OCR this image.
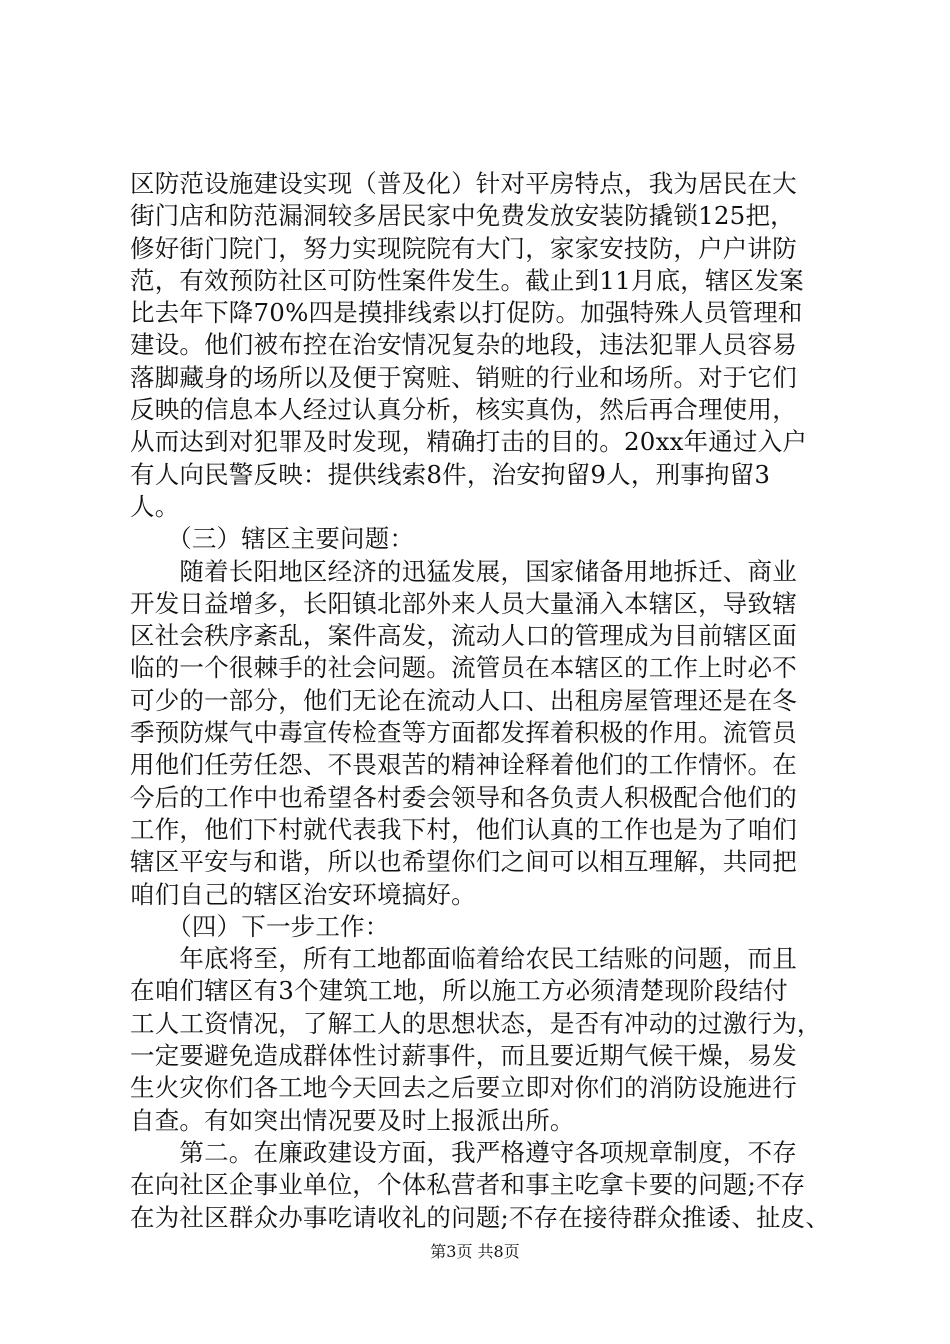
区防范设施建设实现（普及化）针对平房特点，我为居民在大
街门店和防范漏洞较多居民家中免费发放安装防撬锁125把，
修好街门院门，努力实现院院有大门，家家安技防，户户讲防
范，有效预防社区可防性案件发生。截止到11月底，辖区发案
比去年下降70%四是摸排线索以打促防。加强特殊人员管理和
建设。他们被布控在治安情况复杂的地段，违法犯罪人员容易
落脚藏身的场所以及便于窝赃、销赃的行业和场所。对于它们
反映的信息本人经过认真分析，核实真伪，然后再合理使用，
从而达到对犯罪及时发现，精确打击的目的。20xx年通过入户
有人向民警反映：提供线索8件，治安拘留9人，刑事拘留3
人。
　　（三）辖区主要问题：
　　随着长阳地区经济的迅猛发展，国家储备用地拆迁、商业
开发日益增多，长阳镇北部外来人员大量涌入本辖区，导致辖
区社会秩序紊乱，案件高发，流动人口的管理成为目前辖区面
临的一个很棘手的社会问题。流管员在本辖区的工作上时必不
可少的一部分，他们无论在流动人口、出租房屋管理还是在冬
季预防煤气中毒宣传检查等方面都发挥着积极的作用。流管员
用他们任劳任怨、不畏艰苦的精神诠释着他们的工作情怀。在
今后的工作中也希望各村委会领导和各负责人积极配合他们的
工作，他们下村就代表我下村，他们认真的工作也是为了咱们
辖区平安与和谐，所以也希望你们之间可以相互理解，共同把
咱们自己的辖区治安环境搞好。
　　（四）下一步工作：
　　年底将至，所有工地都面临着给农民工结账的问题，而且
在咱们辖区有3个建筑工地，所以施工方必须清楚现阶段结付
工人工资情况，了解工人的思想状态，是否有冲动的过激行为，
一定要避免造成群体性讨薪事件，而且要近期气候干燥，易发
生火灾你们各工地今天回去之后要立即对你们的消防设施进行
自查。有如突出情况要及时上报派出所。
　　第二。在廉政建设方面，我严格遵守各项规章制度，不存
在向社区企事业单位，个体私营者和事主吃拿卡要的问题;不存
在为社区群众办事吃请收礼的问题;不存在接待群众推诿、扯皮、
第3页 共8页
